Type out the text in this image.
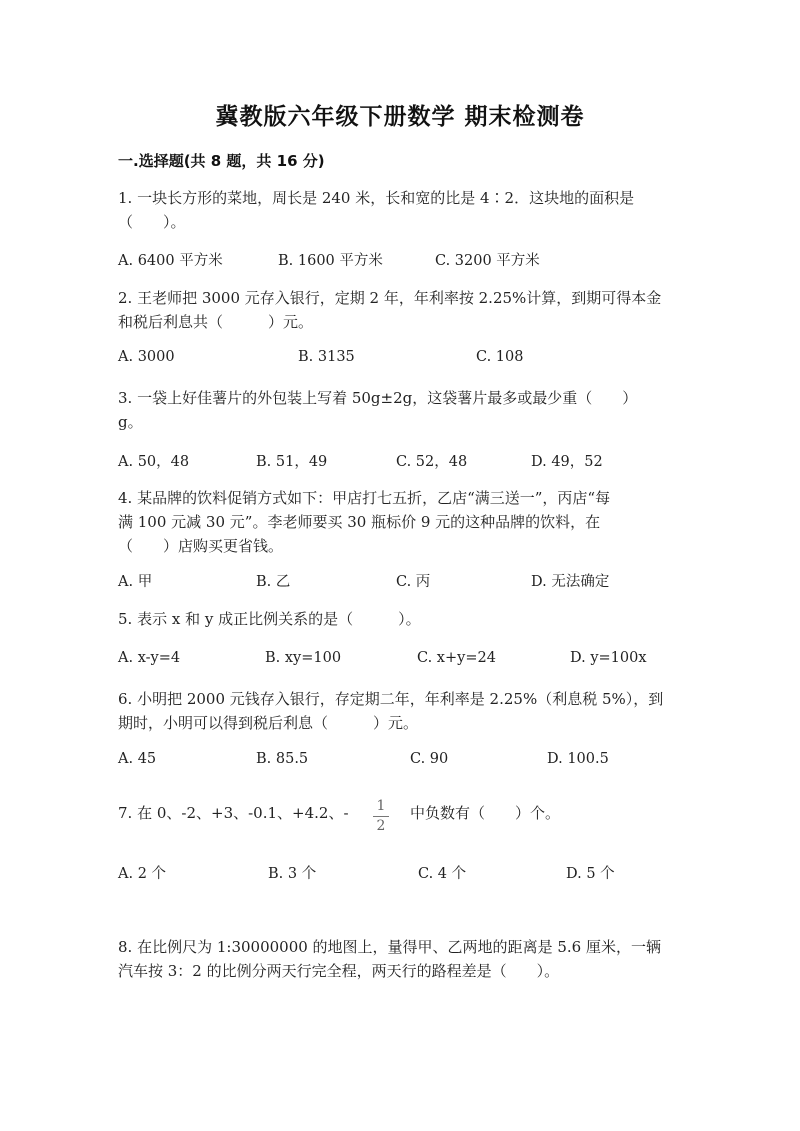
冀教版六年级下册数学 期末检测卷
一.选择题(共 8 题，共 16 分)
1. 一块长方形的菜地，周长是 240 米，长和宽的比是 4∶2．这块地的面积是
（　　）。
A. 6400 平方米	B. 1600 平方米	C. 3200 平方米
2. 王老师把 3000 元存入银行，定期 2 年，年利率按 2.25%计算，到期可得本金
和税后利息共（　　　）元。
A. 3000	B. 3135	C. 108
3. 一袋上好佳薯片的外包装上写着 50g±2g，这袋薯片最多或最少重（　　）
g。
A. 50，48	B. 51，49	C. 52，48	D. 49，52
4. 某品牌的饮料促销方式如下：甲店打七五折，乙店“满三送一”，丙店“每
满 100 元减 30 元”。李老师要买 30 瓶标价 9 元的这种品牌的饮料，在
（　　）店购买更省钱。
A. 甲	B. 乙	C. 丙	D. 无法确定
5. 表示 x 和 y 成正比例关系的是（　　　）。
A. x-y=4	B. xy=100	C. x+y=24	D. y=100x
6. 小明把 2000 元钱存入银行，存定期二年，年利率是 2.25%（利息税 5%），到
期时，小明可以得到税后利息（　　　）元。
A. 45	B. 85.5	C. 90	D. 100.5
7. 在 0、-2、+3、-0.1、+4.2、-	1
2
中负数有（　　）个。
A. 2 个	B. 3 个	C. 4 个	D. 5 个
8. 在比例尺为 1:30000000 的地图上，量得甲、乙两地的距离是 5.6 厘米，一辆
汽车按 3：2 的比例分两天行完全程，两天行的路程差是（　　）。
